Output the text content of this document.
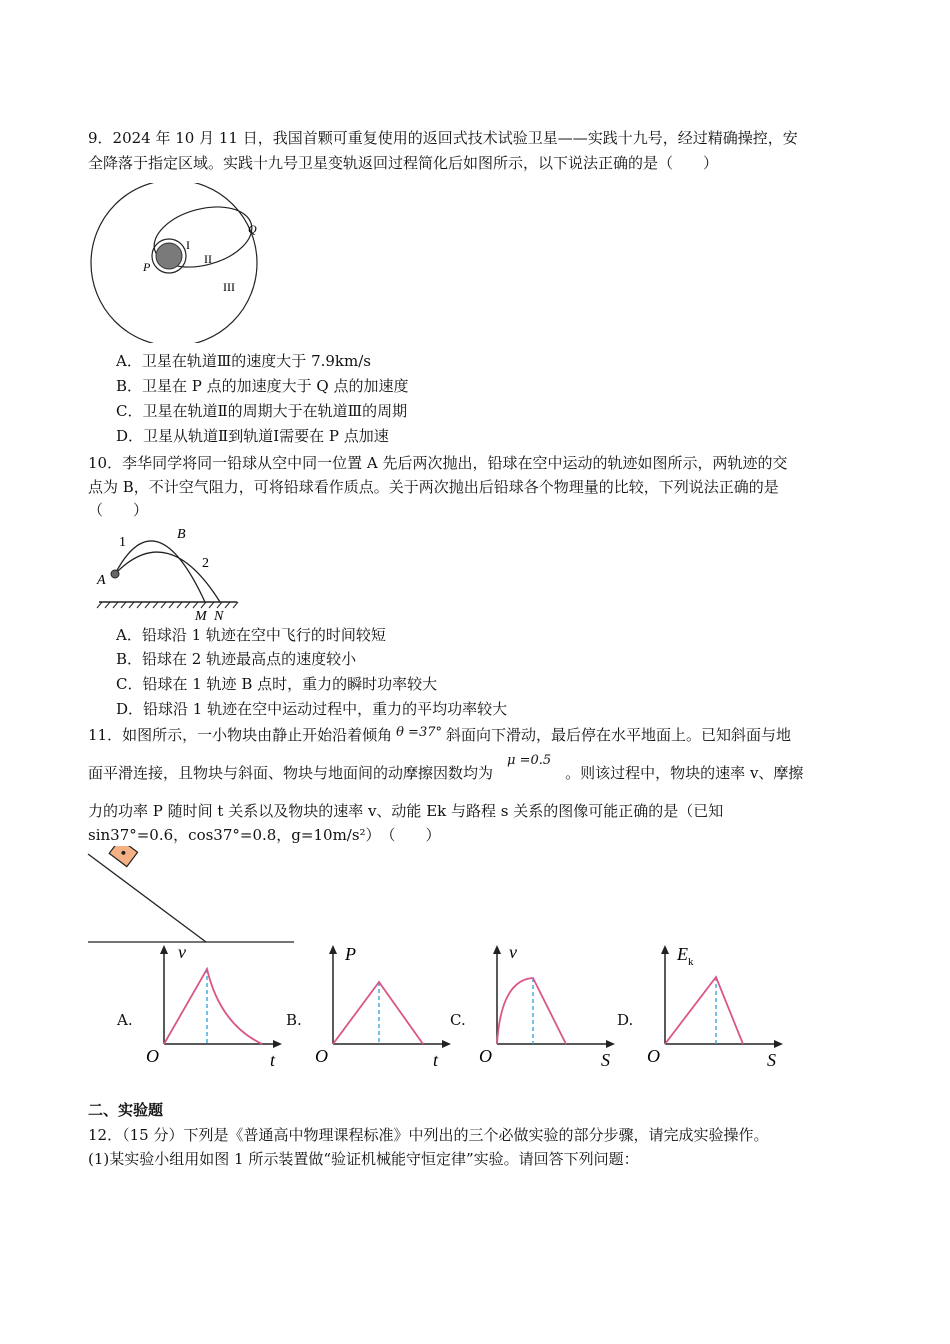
9．2024 年 10 月 11 日，我国首颗可重复使用的返回式技术试验卫星——实践十九号，经过精确操控，安
全降落于指定区域。实践十九号卫星变轨返回过程简化后如图所示，以下说法正确的是（　　）
I
II
III
P
Q
A．卫星在轨道Ⅲ的速度大于 7.9km/s
B．卫星在 P 点的加速度大于 Q 点的加速度
C．卫星在轨道Ⅱ的周期大于在轨道Ⅲ的周期
D．卫星从轨道Ⅱ到轨道Ⅰ需要在 P 点加速
10．李华同学将同一铅球从空中同一位置 A 先后两次抛出，铅球在空中运动的轨迹如图所示，两轨迹的交
点为 B，不计空气阻力，可将铅球看作质点。关于两次抛出后铅球各个物理量的比较，下列说法正确的是
（　　）
A
B
1
2
M N
A．铅球沿 1 轨迹在空中飞行的时间较短
B．铅球在 2 轨迹最高点的速度较小
C．铅球在 1 轨迹 B 点时，重力的瞬时功率较大
D．铅球沿 1 轨迹在空中运动过程中，重力的平均功率较大
11．如图所示，一小物块由静止开始沿着倾角 θ =37° 斜面向下滑动，最后停在水平地面上。已知斜面与地
面平滑连接，且物块与斜面、物块与地面间的动摩擦因数均为μ =0.5。则该过程中，物块的速率 v、摩擦
力的功率 P 随时间 t 关系以及物块的速率 v、动能 Ek 与路程 s 关系的图像可能正确的是（已知
sin37°=0.6，cos37°=0.8，g=10m/s²）　（　　）
A.
v
t
O
B.
P
t
O
C.
v
S
O
D.
$E_k$
S
O
二、实验题
12．（15 分）下列是《普通高中物理课程标准》中列出的三个必做实验的部分步骤，请完成实验操作。
(1)某实验小组用如图 1 所示装置做“验证机械能守恒定律”实验。请回答下列问题：
